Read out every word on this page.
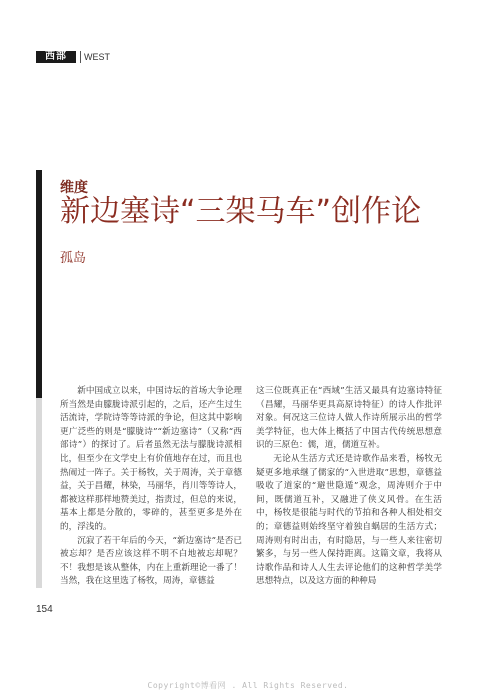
西部	WEST
维度
新边塞诗“三架马车”创作论
孤岛

新中国成立以来，中国诗坛的首场大争论理所当然是由朦胧诗派引起的，之后，还产生过生活流诗，学院诗等等诗派的争论，但这其中影响更广泛些的则是“朦胧诗”“新边塞诗”（又称“西部诗”）的探讨了。后者虽然无法与朦胧诗派相比，但至少在文学史上有价值地存在过，而且也热闹过一阵子。关于杨牧，关于周涛，关于章德益，关于昌耀，林染，马丽华，肖川等等诗人，都被这样那样地赞美过，指责过，但总的来说，基本上都是分散的，零碎的，甚至更多是外在的，浮浅的。

沉寂了若干年后的今天，“新边塞诗”是否已被忘却？是否应该这样不明不白地被忘却呢？不！我想是该从整体，内在上重新理论一番了！当然，我在这里选了杨牧，周涛，章德益

这三位既真正在“西域”生活又最具有边塞诗特征（昌耀，马丽华更具高原诗特征）的诗人作批评对象。何况这三位诗人做人作诗所展示出的哲学美学特征，也大体上概括了中国古代传统思想意识的三原色：儒，道，儒道互补。

无论从生活方式还是诗歌作品来看，杨牧无疑更多地承继了儒家的“入世进取”思想，章德益吸收了道家的“避世隐遁”观念，周涛则介于中间，既儒道互补，又融进了侠义风骨。在生活中，杨牧是很能与时代的节拍和各种人相处相交的；章德益则始终坚守着独自蜗居的生活方式；周涛则有时出击，有时隐居，与一些人来往密切繁多，与另一些人保持距离。这篇文章，我将从诗歌作品和诗人人生去评论他们的这种哲学美学思想特点，以及这方面的种种局

154
Copyright©博看网 . All Rights Reserved.
